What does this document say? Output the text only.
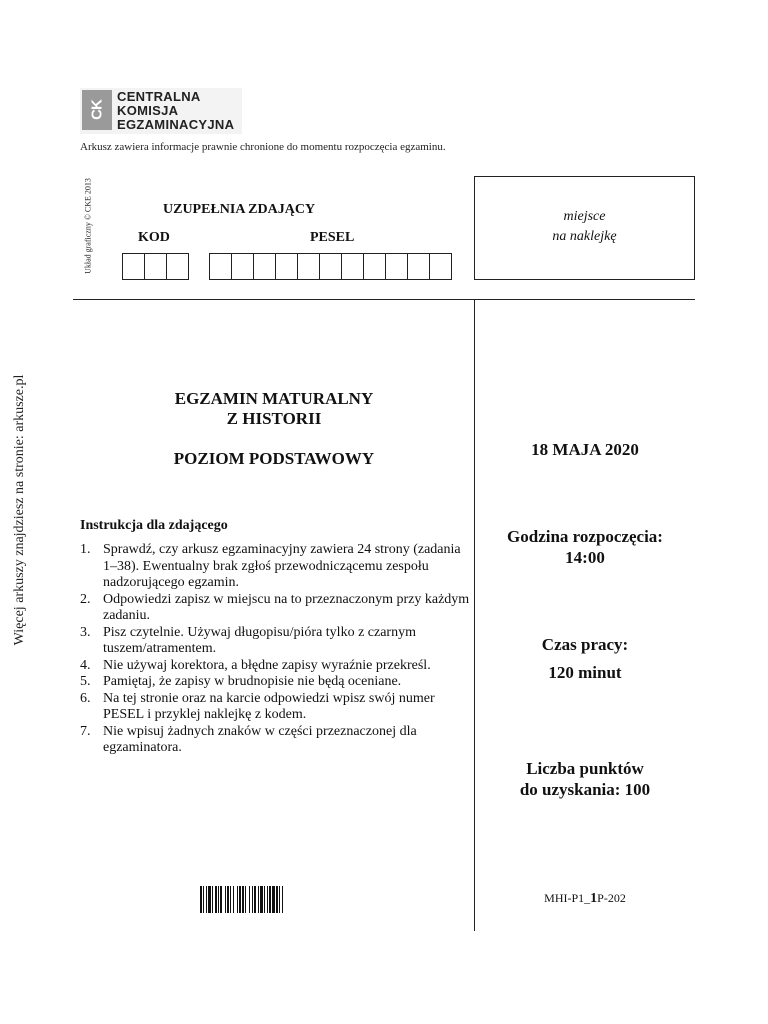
CK
CENTRALNA
KOMISJA
EGZAMINACYJNA
Arkusz zawiera informacje prawnie chronione do momentu rozpoczęcia egzaminu.
Układ graficzny © CKE 2013
Więcej arkuszy znajdziesz na stronie: arkusze.pl
UZUPEŁNIA ZDAJĄCY
KOD	PESEL
miejsce
na naklejkę
EGZAMIN MATURALNY
Z HISTORII
POZIOM PODSTAWOWY	18 MAJA 2020
Instrukcja dla zdającego
1. Sprawdź, czy arkusz egzaminacyjny zawiera 24 strony (zadania 1–38). Ewentualny brak zgłoś przewodniczącemu zespołu nadzorującego egzamin.
2. Odpowiedzi zapisz w miejscu na to przeznaczonym przy każdym zadaniu.
3. Pisz czytelnie. Używaj długopisu/pióra tylko z czarnym tuszem/atramentem.
4. Nie używaj korektora, a błędne zapisy wyraźnie przekreśl.
5. Pamiętaj, że zapisy w brudnopisie nie będą oceniane.
6. Na tej stronie oraz na karcie odpowiedzi wpisz swój numer PESEL i przyklej naklejkę z kodem.
7. Nie wpisuj żadnych znaków w części przeznaczonej dla egzaminatora.
Godzina rozpoczęcia:
14:00
Czas pracy:
120 minut
Liczba punktów
do uzyskania: 100
MHI-P1_1P-202
